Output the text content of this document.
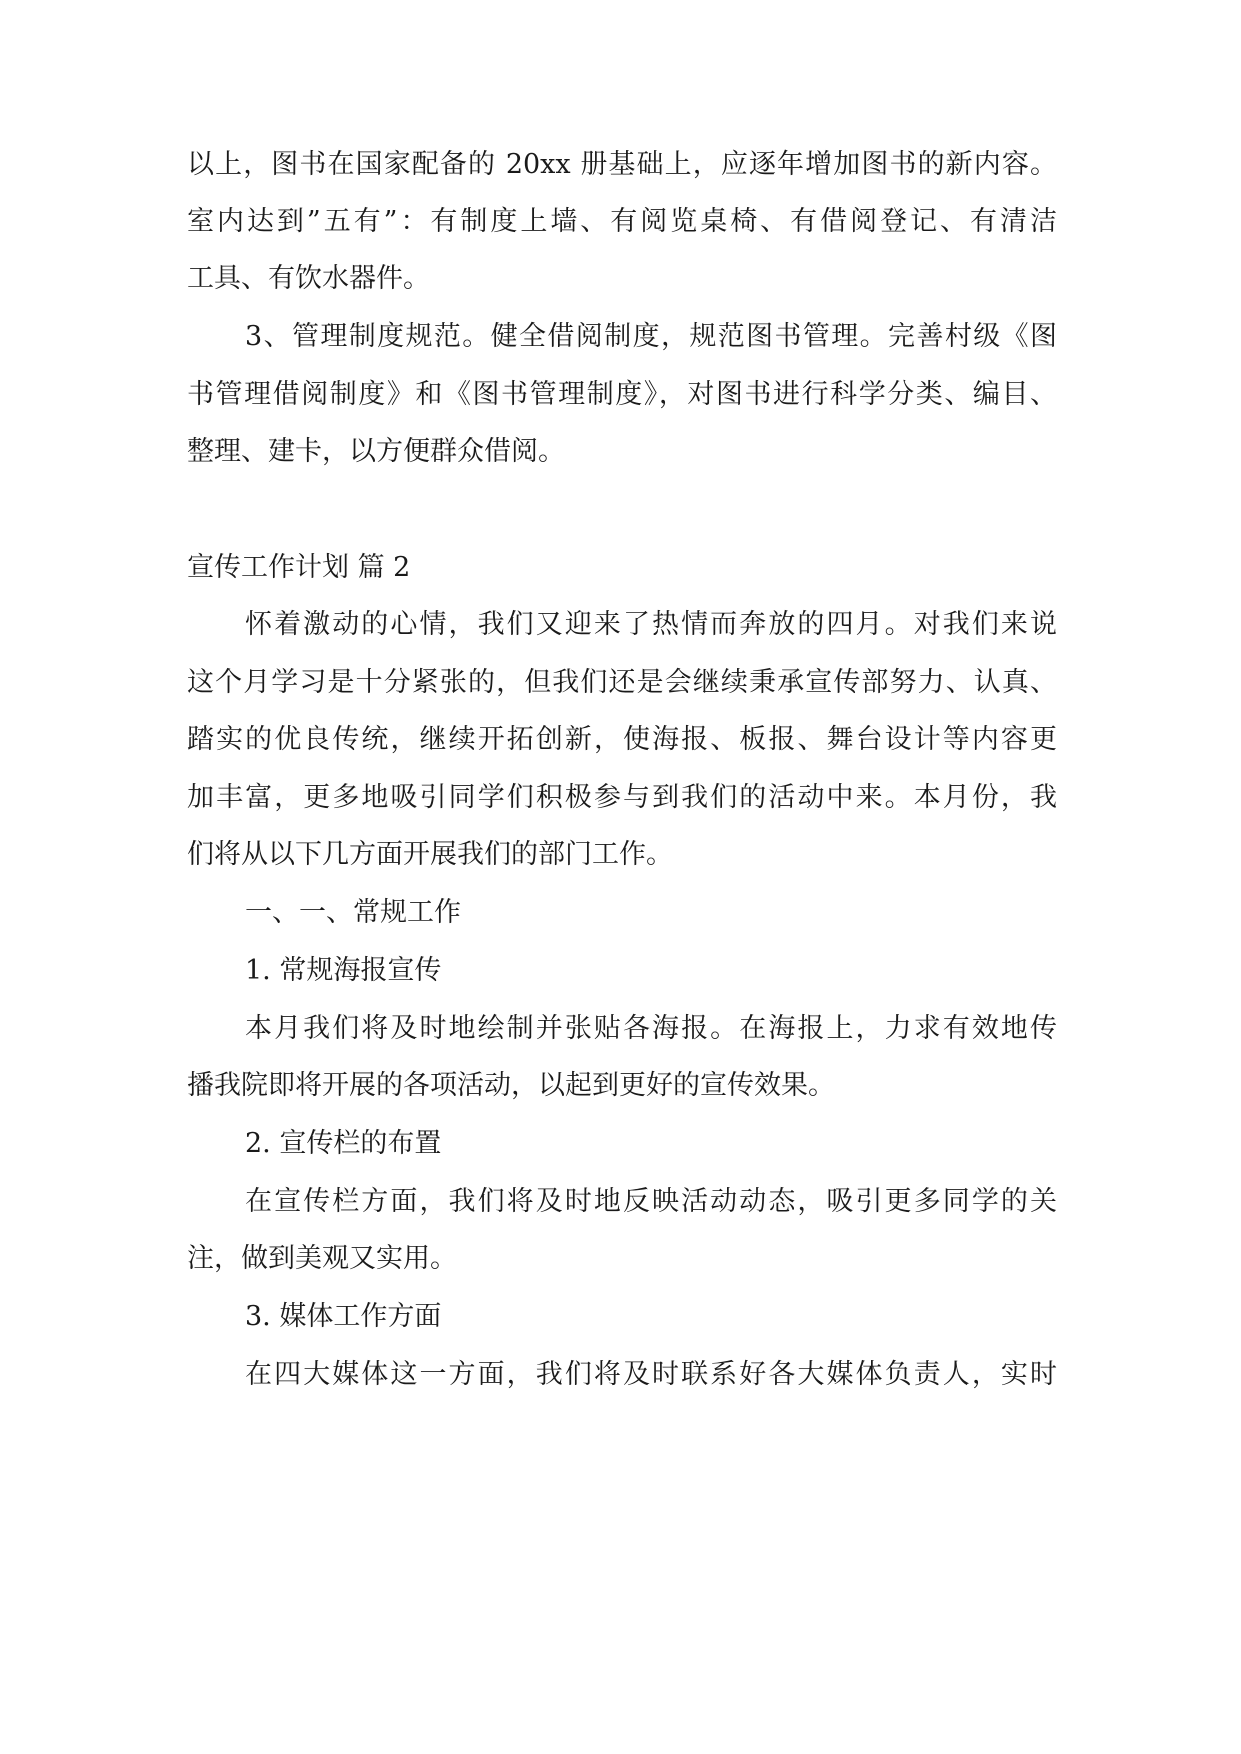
以上，图书在国家配备的 20xx 册基础上，应逐年增加图书的新内容。
室内达到”五有”：有制度上墙、有阅览桌椅、有借阅登记、有清洁
工具、有饮水器件。
3、管理制度规范。健全借阅制度，规范图书管理。完善村级《图
书管理借阅制度》和《图书管理制度》，对图书进行科学分类、编目、
整理、建卡，以方便群众借阅。
宣传工作计划 篇 2
怀着激动的心情，我们又迎来了热情而奔放的四月。对我们来说
这个月学习是十分紧张的，但我们还是会继续秉承宣传部努力、认真、
踏实的优良传统，继续开拓创新，使海报、板报、舞台设计等内容更
加丰富，更多地吸引同学们积极参与到我们的活动中来。本月份，我
们将从以下几方面开展我们的部门工作。
一、一、常规工作
1. 常规海报宣传
本月我们将及时地绘制并张贴各海报。在海报上，力求有效地传
播我院即将开展的各项活动，以起到更好的宣传效果。
2. 宣传栏的布置
在宣传栏方面，我们将及时地反映活动动态，吸引更多同学的关
注，做到美观又实用。
3. 媒体工作方面
在四大媒体这一方面，我们将及时联系好各大媒体负责人，实时
